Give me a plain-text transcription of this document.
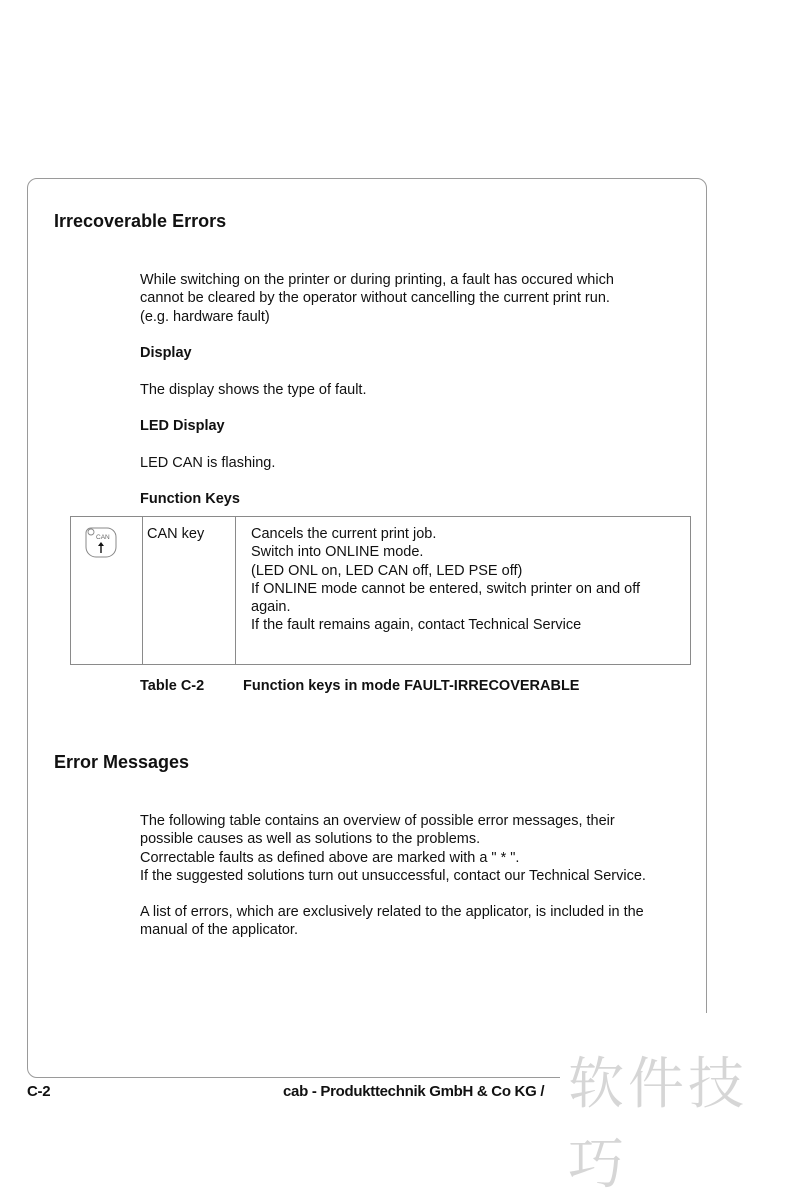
Irrecoverable Errors

While switching on the printer or during printing, a fault has occured which
cannot be cleared by the operator without cancelling the current print run.
(e.g. hardware fault)

Display

The display shows the type of fault.

LED Display

LED CAN is flashing.

Function Keys
CAN	CAN key	Cancels the current print job.
Switch into ONLINE mode.
(LED ONL on, LED CAN off, LED PSE off)
If ONLINE mode cannot be entered, switch printer on and off
again.
If the fault remains again, contact Technical Service
Table C-2	Function keys in mode FAULT-IRRECOVERABLE
Error Messages

The following table contains an overview of possible error messages, their
possible causes as well as solutions to the problems.
Correctable faults as defined above are marked with a " * ".
If the suggested solutions turn out unsuccessful, contact our Technical Service.

A list of errors, which are exclusively related to the applicator, is included in the
manual of the applicator.

C-2	cab - Produkttechnik GmbH & Co KG / 软件技巧
